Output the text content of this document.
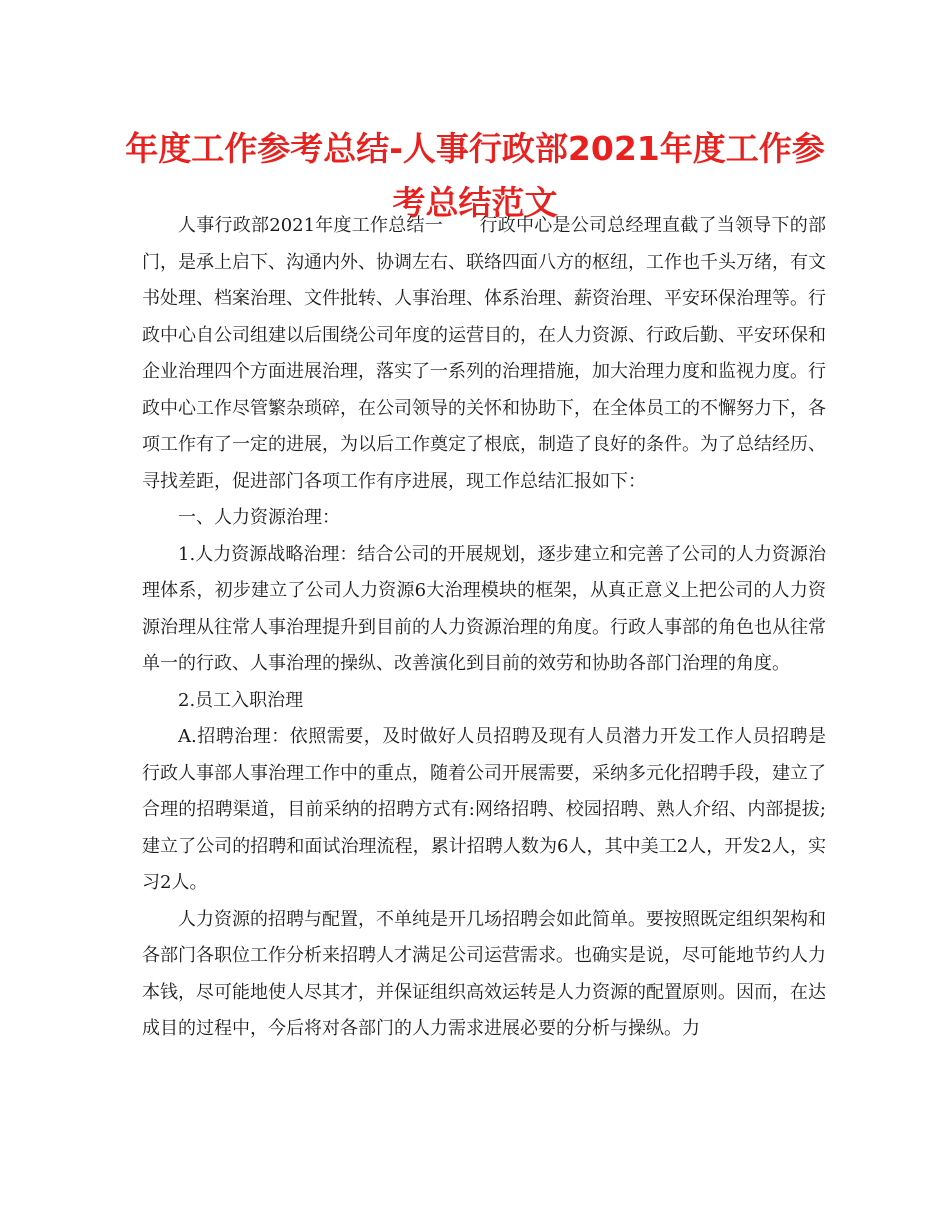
年度工作参考总结-人事行政部2021年度工作参考总结范文

人事行政部2021年度工作总结一　　行政中心是公司总经理直截了当领导下的部门，是承上启下、沟通内外、协调左右、联络四面八方的枢纽，工作也千头万绪，有文书处理、档案治理、文件批转、人事治理、体系治理、薪资治理、平安环保治理等。行政中心自公司组建以后围绕公司年度的运营目的，在人力资源、行政后勤、平安环保和企业治理四个方面进展治理，落实了一系列的治理措施，加大治理力度和监视力度。行政中心工作尽管繁杂琐碎，在公司领导的关怀和协助下，在全体员工的不懈努力下，各项工作有了一定的进展，为以后工作奠定了根底，制造了良好的条件。为了总结经历、寻找差距，促进部门各项工作有序进展，现工作总结汇报如下：

一、人力资源治理：

1.人力资源战略治理：结合公司的开展规划，逐步建立和完善了公司的人力资源治理体系，初步建立了公司人力资源6大治理模块的框架，从真正意义上把公司的人力资源治理从往常人事治理提升到目前的人力资源治理的角度。行政人事部的角色也从往常单一的行政、人事治理的操纵、改善演化到目前的效劳和协助各部门治理的角度。

2.员工入职治理

A.招聘治理：依照需要，及时做好人员招聘及现有人员潜力开发工作人员招聘是行政人事部人事治理工作中的重点，随着公司开展需要，采纳多元化招聘手段，建立了合理的招聘渠道，目前采纳的招聘方式有:网络招聘、校园招聘、熟人介绍、内部提拔;建立了公司的招聘和面试治理流程，累计招聘人数为6人，其中美工2人，开发2人，实习2人。

人力资源的招聘与配置，不单纯是开几场招聘会如此简单。要按照既定组织架构和各部门各职位工作分析来招聘人才满足公司运营需求。也确实是说，尽可能地节约人力本钱，尽可能地使人尽其才，并保证组织高效运转是人力资源的配置原则。因而，在达成目的过程中，今后将对各部门的人力需求进展必要的分析与操纵。力
